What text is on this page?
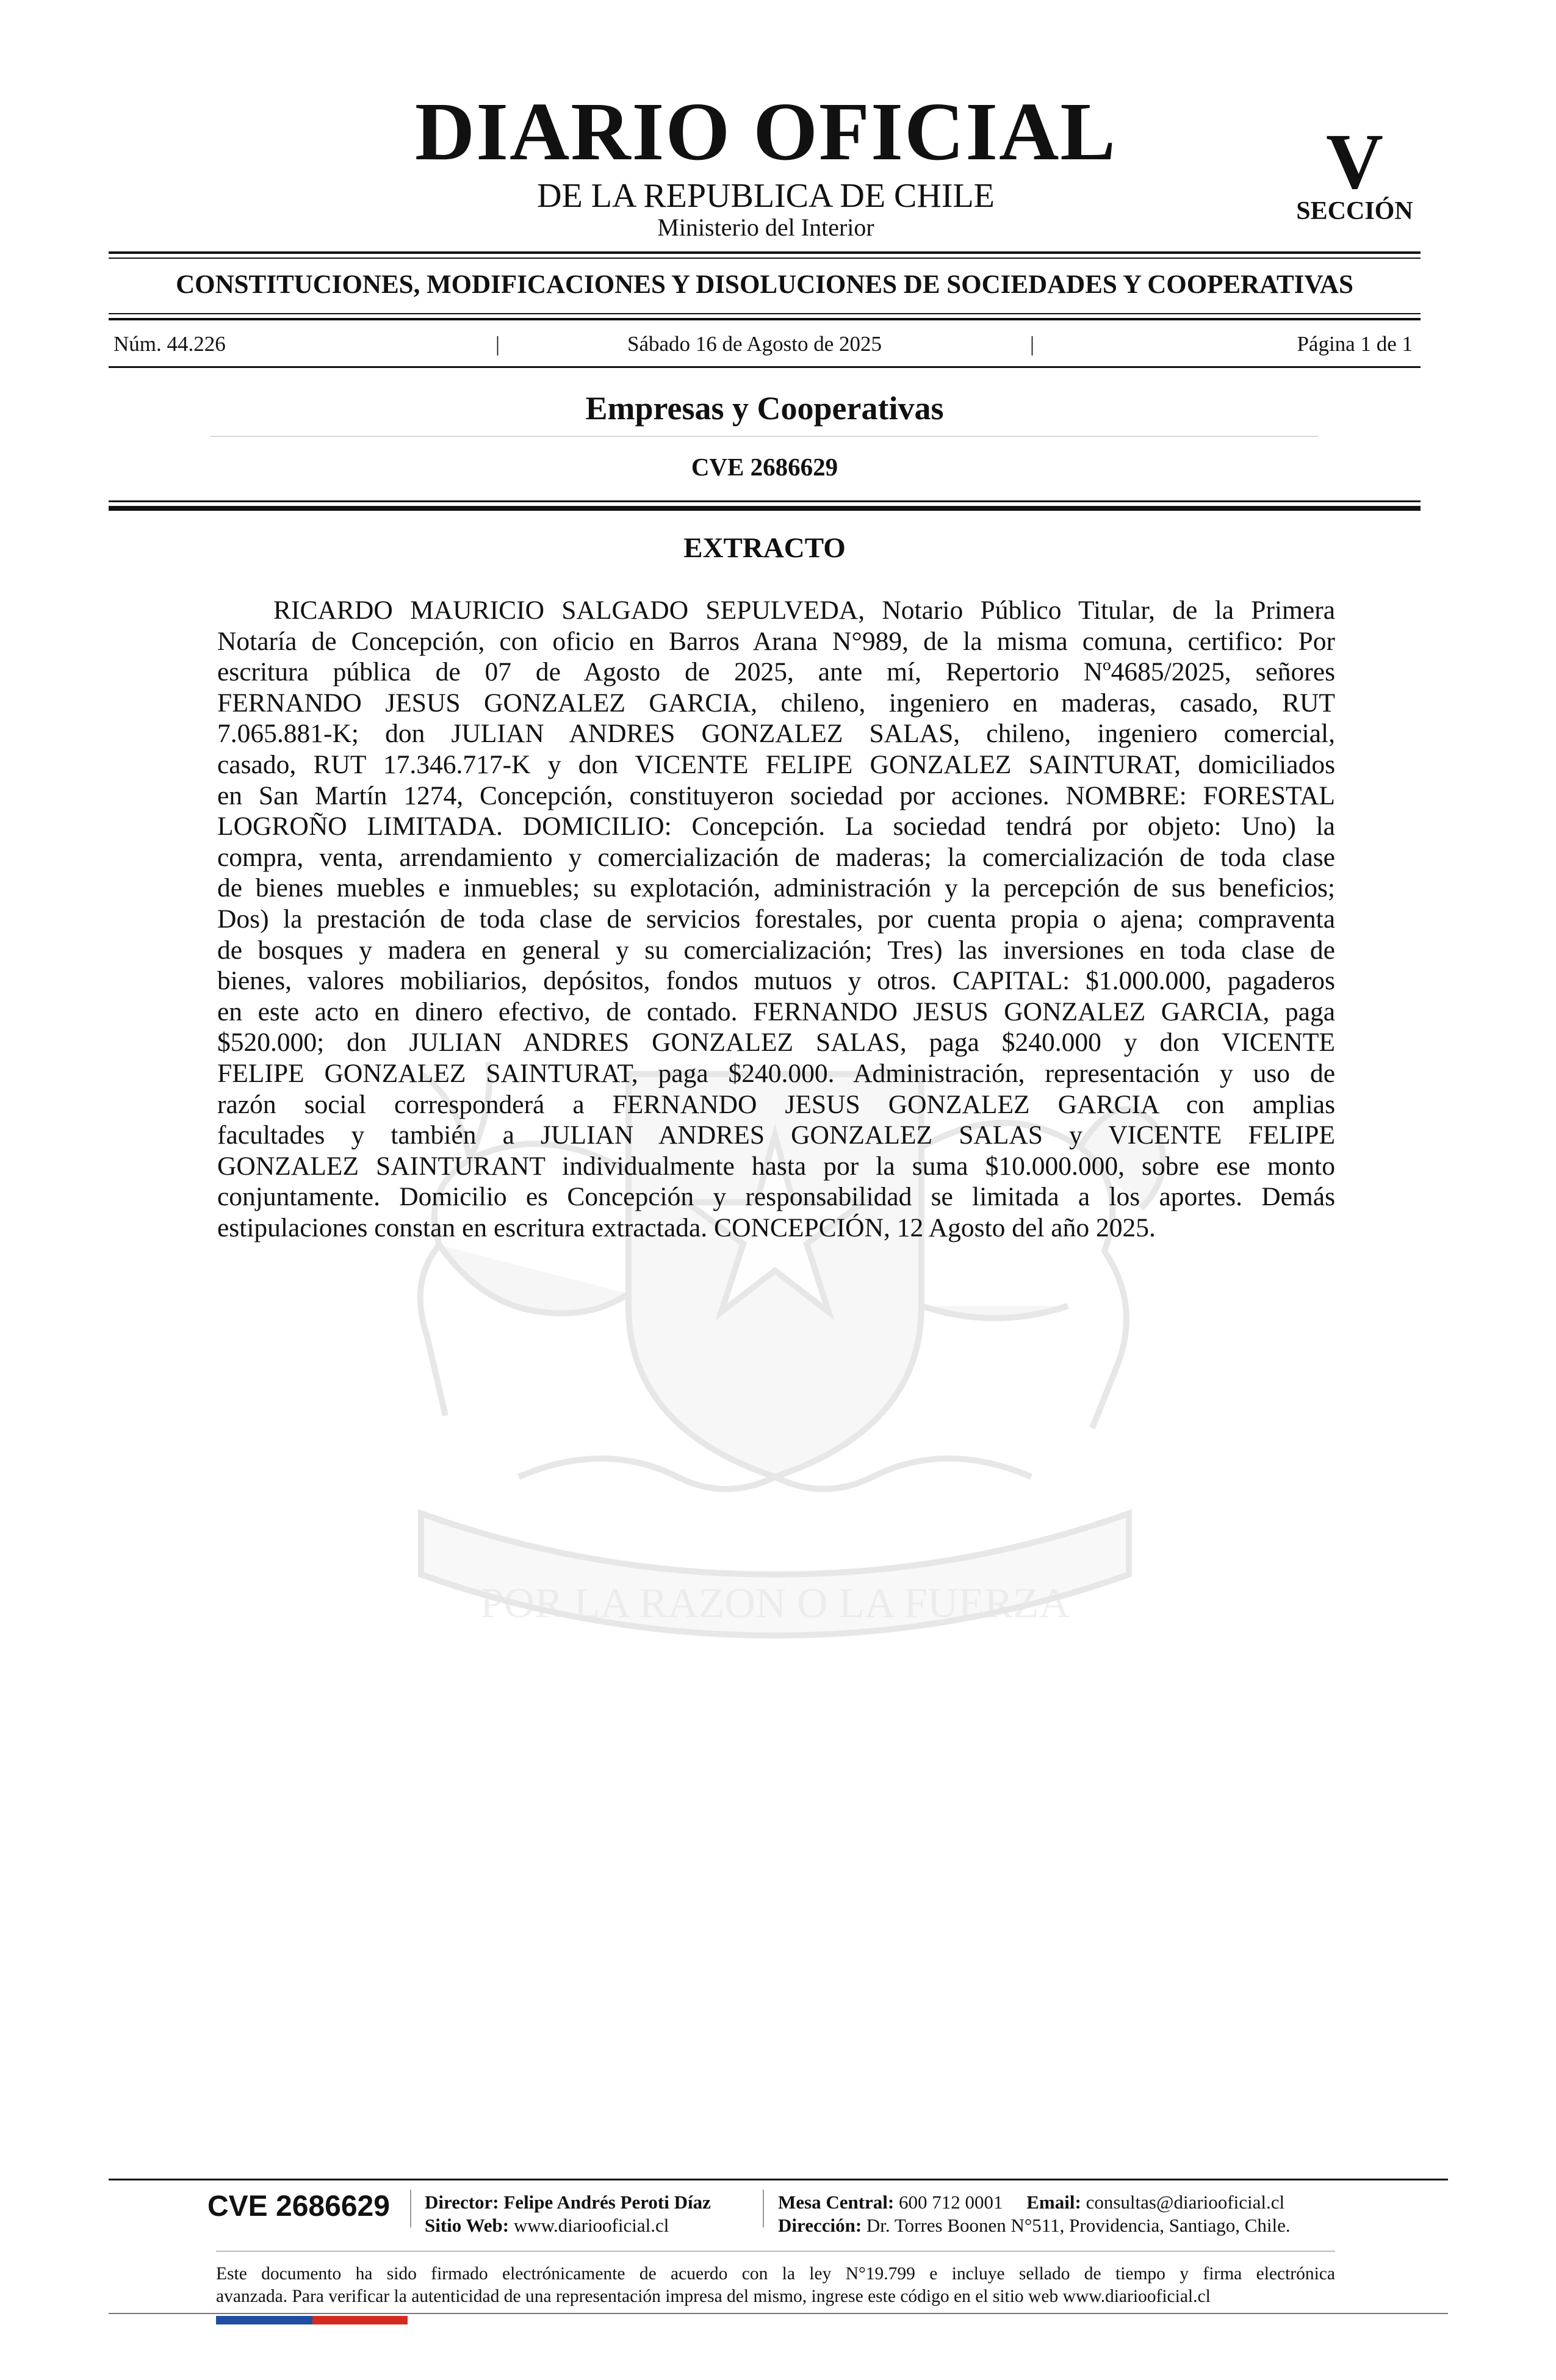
POR LA RAZON O LA FUERZA
DIARIO OFICIAL
DE LA REPUBLICA DE CHILE
Ministerio del Interior
V
SECCIÓN
CONSTITUCIONES, MODIFICACIONES Y DISOLUCIONES DE SOCIEDADES Y COOPERATIVAS
Núm. 44.226	|	Sábado 16 de Agosto de 2025	|	Página 1 de 1
Empresas y Cooperativas
CVE 2686629
EXTRACTO
RICARDO MAURICIO SALGADO SEPULVEDA, Notario Público Titular, de la Primera
Notaría de Concepción, con oficio en Barros Arana N°989, de la misma comuna, certifico: Por
escritura pública de 07 de Agosto de 2025, ante mí, Repertorio Nº4685/2025, señores
FERNANDO JESUS GONZALEZ GARCIA, chileno, ingeniero en maderas, casado, RUT
7.065.881-K; don JULIAN ANDRES GONZALEZ SALAS, chileno, ingeniero comercial,
casado, RUT 17.346.717-K y don VICENTE FELIPE GONZALEZ SAINTURAT, domiciliados
en San Martín 1274, Concepción, constituyeron sociedad por acciones. NOMBRE: FORESTAL
LOGROÑO LIMITADA. DOMICILIO: Concepción. La sociedad tendrá por objeto: Uno) la
compra, venta, arrendamiento y comercialización de maderas; la comercialización de toda clase
de bienes muebles e inmuebles; su explotación, administración y la percepción de sus beneficios;
Dos) la prestación de toda clase de servicios forestales, por cuenta propia o ajena; compraventa
de bosques y madera en general y su comercialización; Tres) las inversiones en toda clase de
bienes, valores mobiliarios, depósitos, fondos mutuos y otros. CAPITAL: $1.000.000, pagaderos
en este acto en dinero efectivo, de contado. FERNANDO JESUS GONZALEZ GARCIA, paga
$520.000; don JULIAN ANDRES GONZALEZ SALAS, paga $240.000 y don VICENTE
FELIPE GONZALEZ SAINTURAT, paga $240.000. Administración, representación y uso de
razón social corresponderá a FERNANDO JESUS GONZALEZ GARCIA con amplias
facultades y también a JULIAN ANDRES GONZALEZ SALAS y VICENTE FELIPE
GONZALEZ SAINTURANT individualmente hasta por la suma $10.000.000, sobre ese monto
conjuntamente. Domicilio es Concepción y responsabilidad se limitada a los aportes. Demás
estipulaciones constan en escritura extractada. CONCEPCIÓN, 12 Agosto del año 2025.
CVE 2686629	Director: Felipe Andrés Peroti Díaz
Sitio Web: www.diariooficial.cl
Mesa Central: 600 712 0001 Email: consultas@diariooficial.cl
Dirección: Dr. Torres Boonen N°511, Providencia, Santiago, Chile.
Este documento ha sido firmado electrónicamente de acuerdo con la ley N°19.799 e incluye sellado de tiempo y firma electrónica
avanzada. Para verificar la autenticidad de una representación impresa del mismo, ingrese este código en el sitio web www.diariooficial.cl
